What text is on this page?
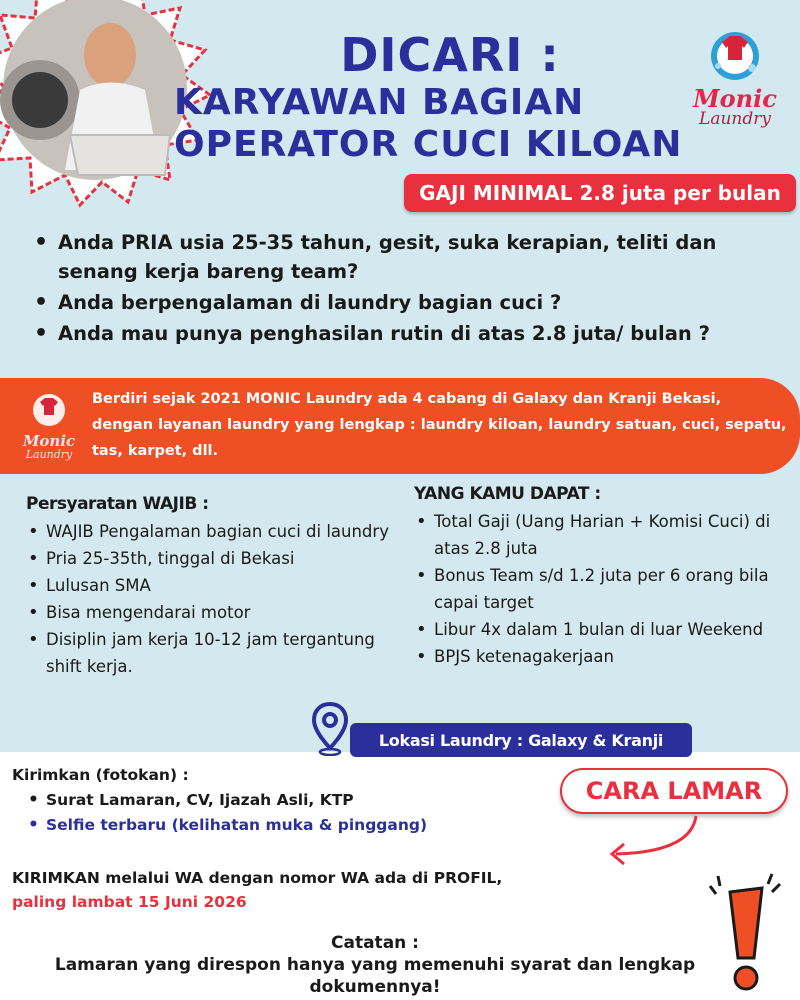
DICARI :
KARYAWAN BAGIAN
OPERATOR CUCI KILOAN
Monic
Laundry
GAJI MINIMAL 2.8 juta per bulan
• Anda PRIA usia 25-35 tahun, gesit, suka kerapian, teliti dan senang kerja bareng team?
• Anda berpengalaman di laundry bagian cuci ?
• Anda mau punya penghasilan rutin di atas 2.8 juta/ bulan ?
Monic
Laundry
Berdiri sejak 2021 MONIC Laundry ada 4 cabang di Galaxy dan Kranji Bekasi, dengan layanan laundry yang lengkap : laundry kiloan, laundry satuan, cuci, sepatu, tas, karpet, dll.
Persyaratan WAJIB :
• WAJIB Pengalaman bagian cuci di laundry
• Pria 25-35th, tinggal di Bekasi
• Lulusan SMA
• Bisa mengendarai motor
• Disiplin jam kerja 10-12 jam tergantung shift kerja.
YANG KAMU DAPAT :
• Total Gaji (Uang Harian + Komisi Cuci) di atas 2.8 juta
• Bonus Team s/d 1.2 juta per 6 orang bila capai target
• Libur 4x dalam 1 bulan di luar Weekend
• BPJS ketenagakerjaan
Lokasi Laundry : Galaxy & Kranji
Kirimkan (fotokan) :
• Surat Lamaran, CV, Ijazah Asli, KTP
• Selfie terbaru (kelihatan muka & pinggang)
CARA LAMAR
KIRIMKAN melalui WA dengan nomor WA ada di PROFIL,
paling lambat 15 Juni 2026
Catatan :
Lamaran yang direspon hanya yang memenuhi syarat dan lengkap dokumennya!
